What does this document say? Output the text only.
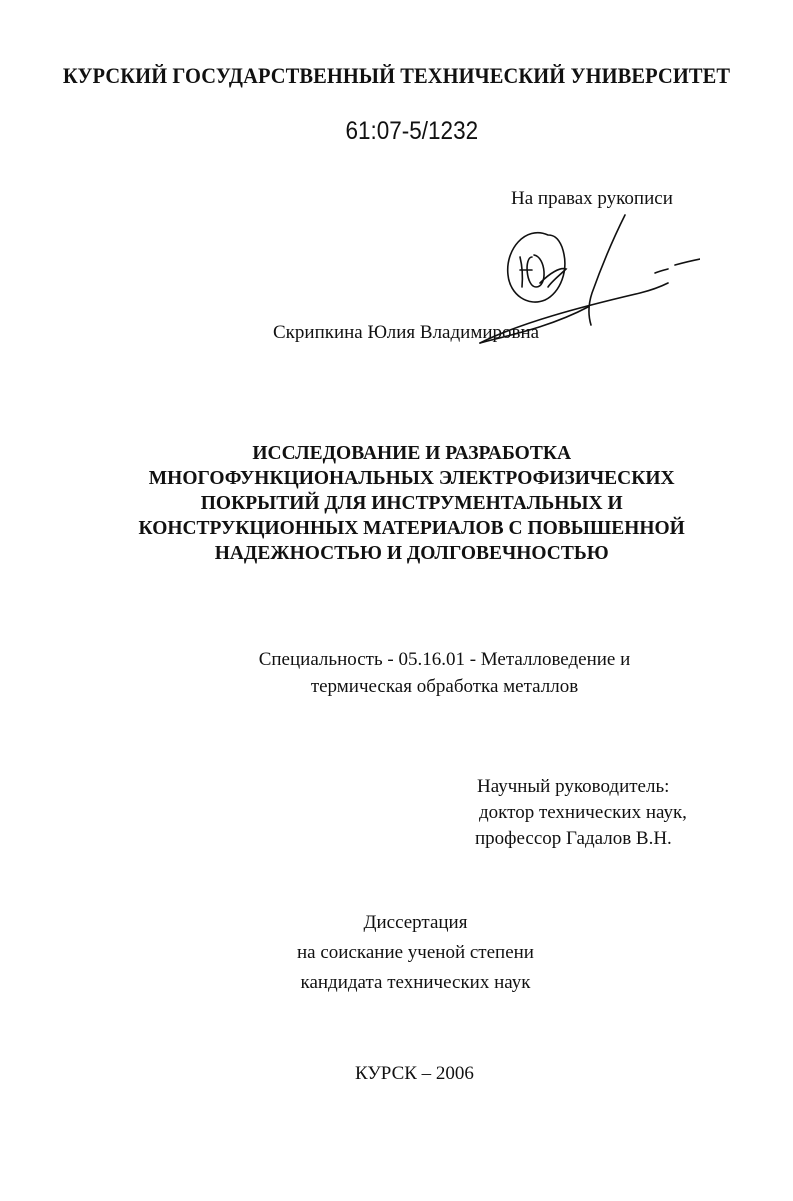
КУРСКИЙ ГОСУДАРСТВЕННЫЙ ТЕХНИЧЕСКИЙ УНИВЕРСИТЕТ
61:07-5/1232
На правах рукописи
Скрипкина Юлия Владимировна
ИССЛЕДОВАНИЕ И РАЗРАБОТКА
МНОГОФУНКЦИОНАЛЬНЫХ ЭЛЕКТРОФИЗИЧЕСКИХ
ПОКРЫТИЙ ДЛЯ ИНСТРУМЕНТАЛЬНЫХ И
КОНСТРУКЦИОННЫХ МАТЕРИАЛОВ С ПОВЫШЕННОЙ
НАДЕЖНОСТЬЮ И ДОЛГОВЕЧНОСТЬЮ
Специальность - 05.16.01 - Металловедение и
термическая обработка металлов
Научный руководитель:
доктор технических наук,
профессор Гадалов В.Н.
Диссертация
на соискание ученой степени
кандидата технических наук
КУРСК – 2006
